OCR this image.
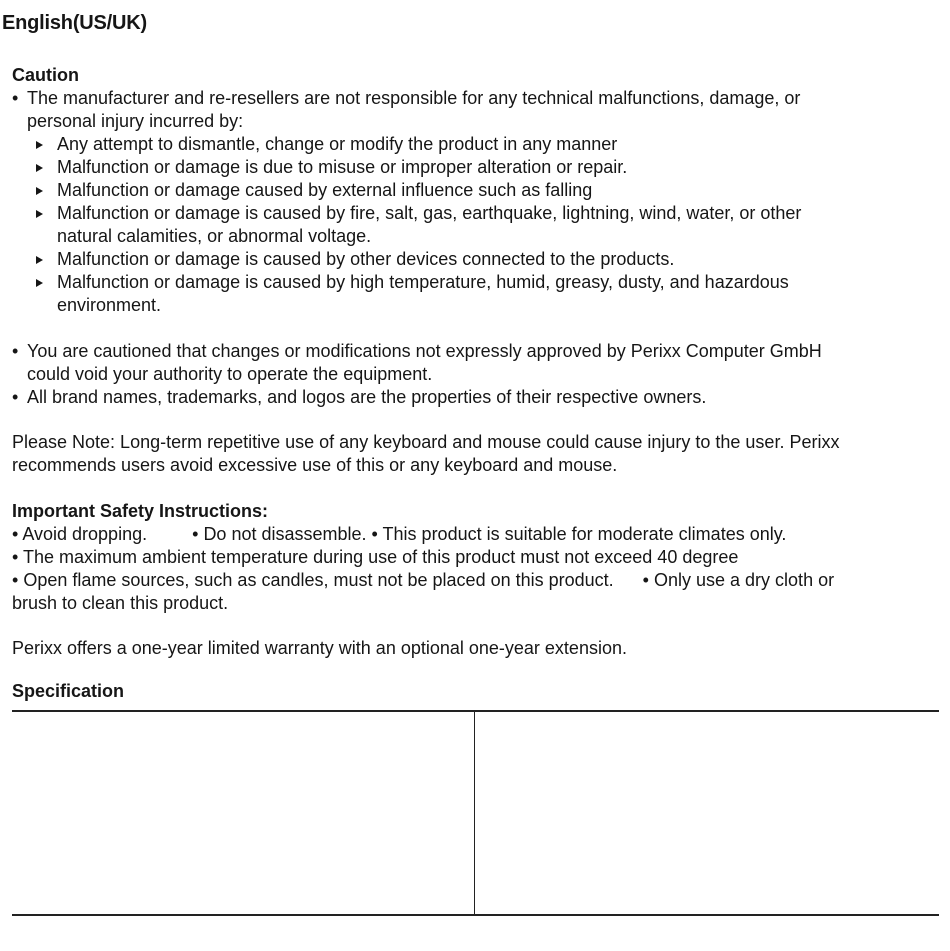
English(US/UK)
Caution
• The manufacturer and re-resellers are not responsible for any technical malfunctions, damage, or
personal injury incurred by:
Any attempt to dismantle, change or modify the product in any manner
Malfunction or damage is due to misuse or improper alteration or repair.
Malfunction or damage caused by external influence such as falling
Malfunction or damage is caused by fire, salt, gas, earthquake, lightning, wind, water, or other
natural calamities, or abnormal voltage.
Malfunction or damage is caused by other devices connected to the products.
Malfunction or damage is caused by high temperature, humid, greasy, dusty, and hazardous
environment.
• You are cautioned that changes or modifications not expressly approved by Perixx Computer GmbH
could void your authority to operate the equipment.
• All brand names, trademarks, and logos are the properties of their respective owners.
Please Note: Long-term repetitive use of any keyboard and mouse could cause injury to the user. Perixx
recommends users avoid excessive use of this or any keyboard and mouse.
Important Safety Instructions:
• Avoid dropping.	• Do not disassemble. • This product is suitable for moderate climates only.
• The maximum ambient temperature during use of this product must not exceed 40 degree
• Open flame sources, such as candles, must not be placed on this product. • Only use a dry cloth or
brush to clean this product.
Perixx offers a one-year limited warranty with an optional one-year extension.
Specification
